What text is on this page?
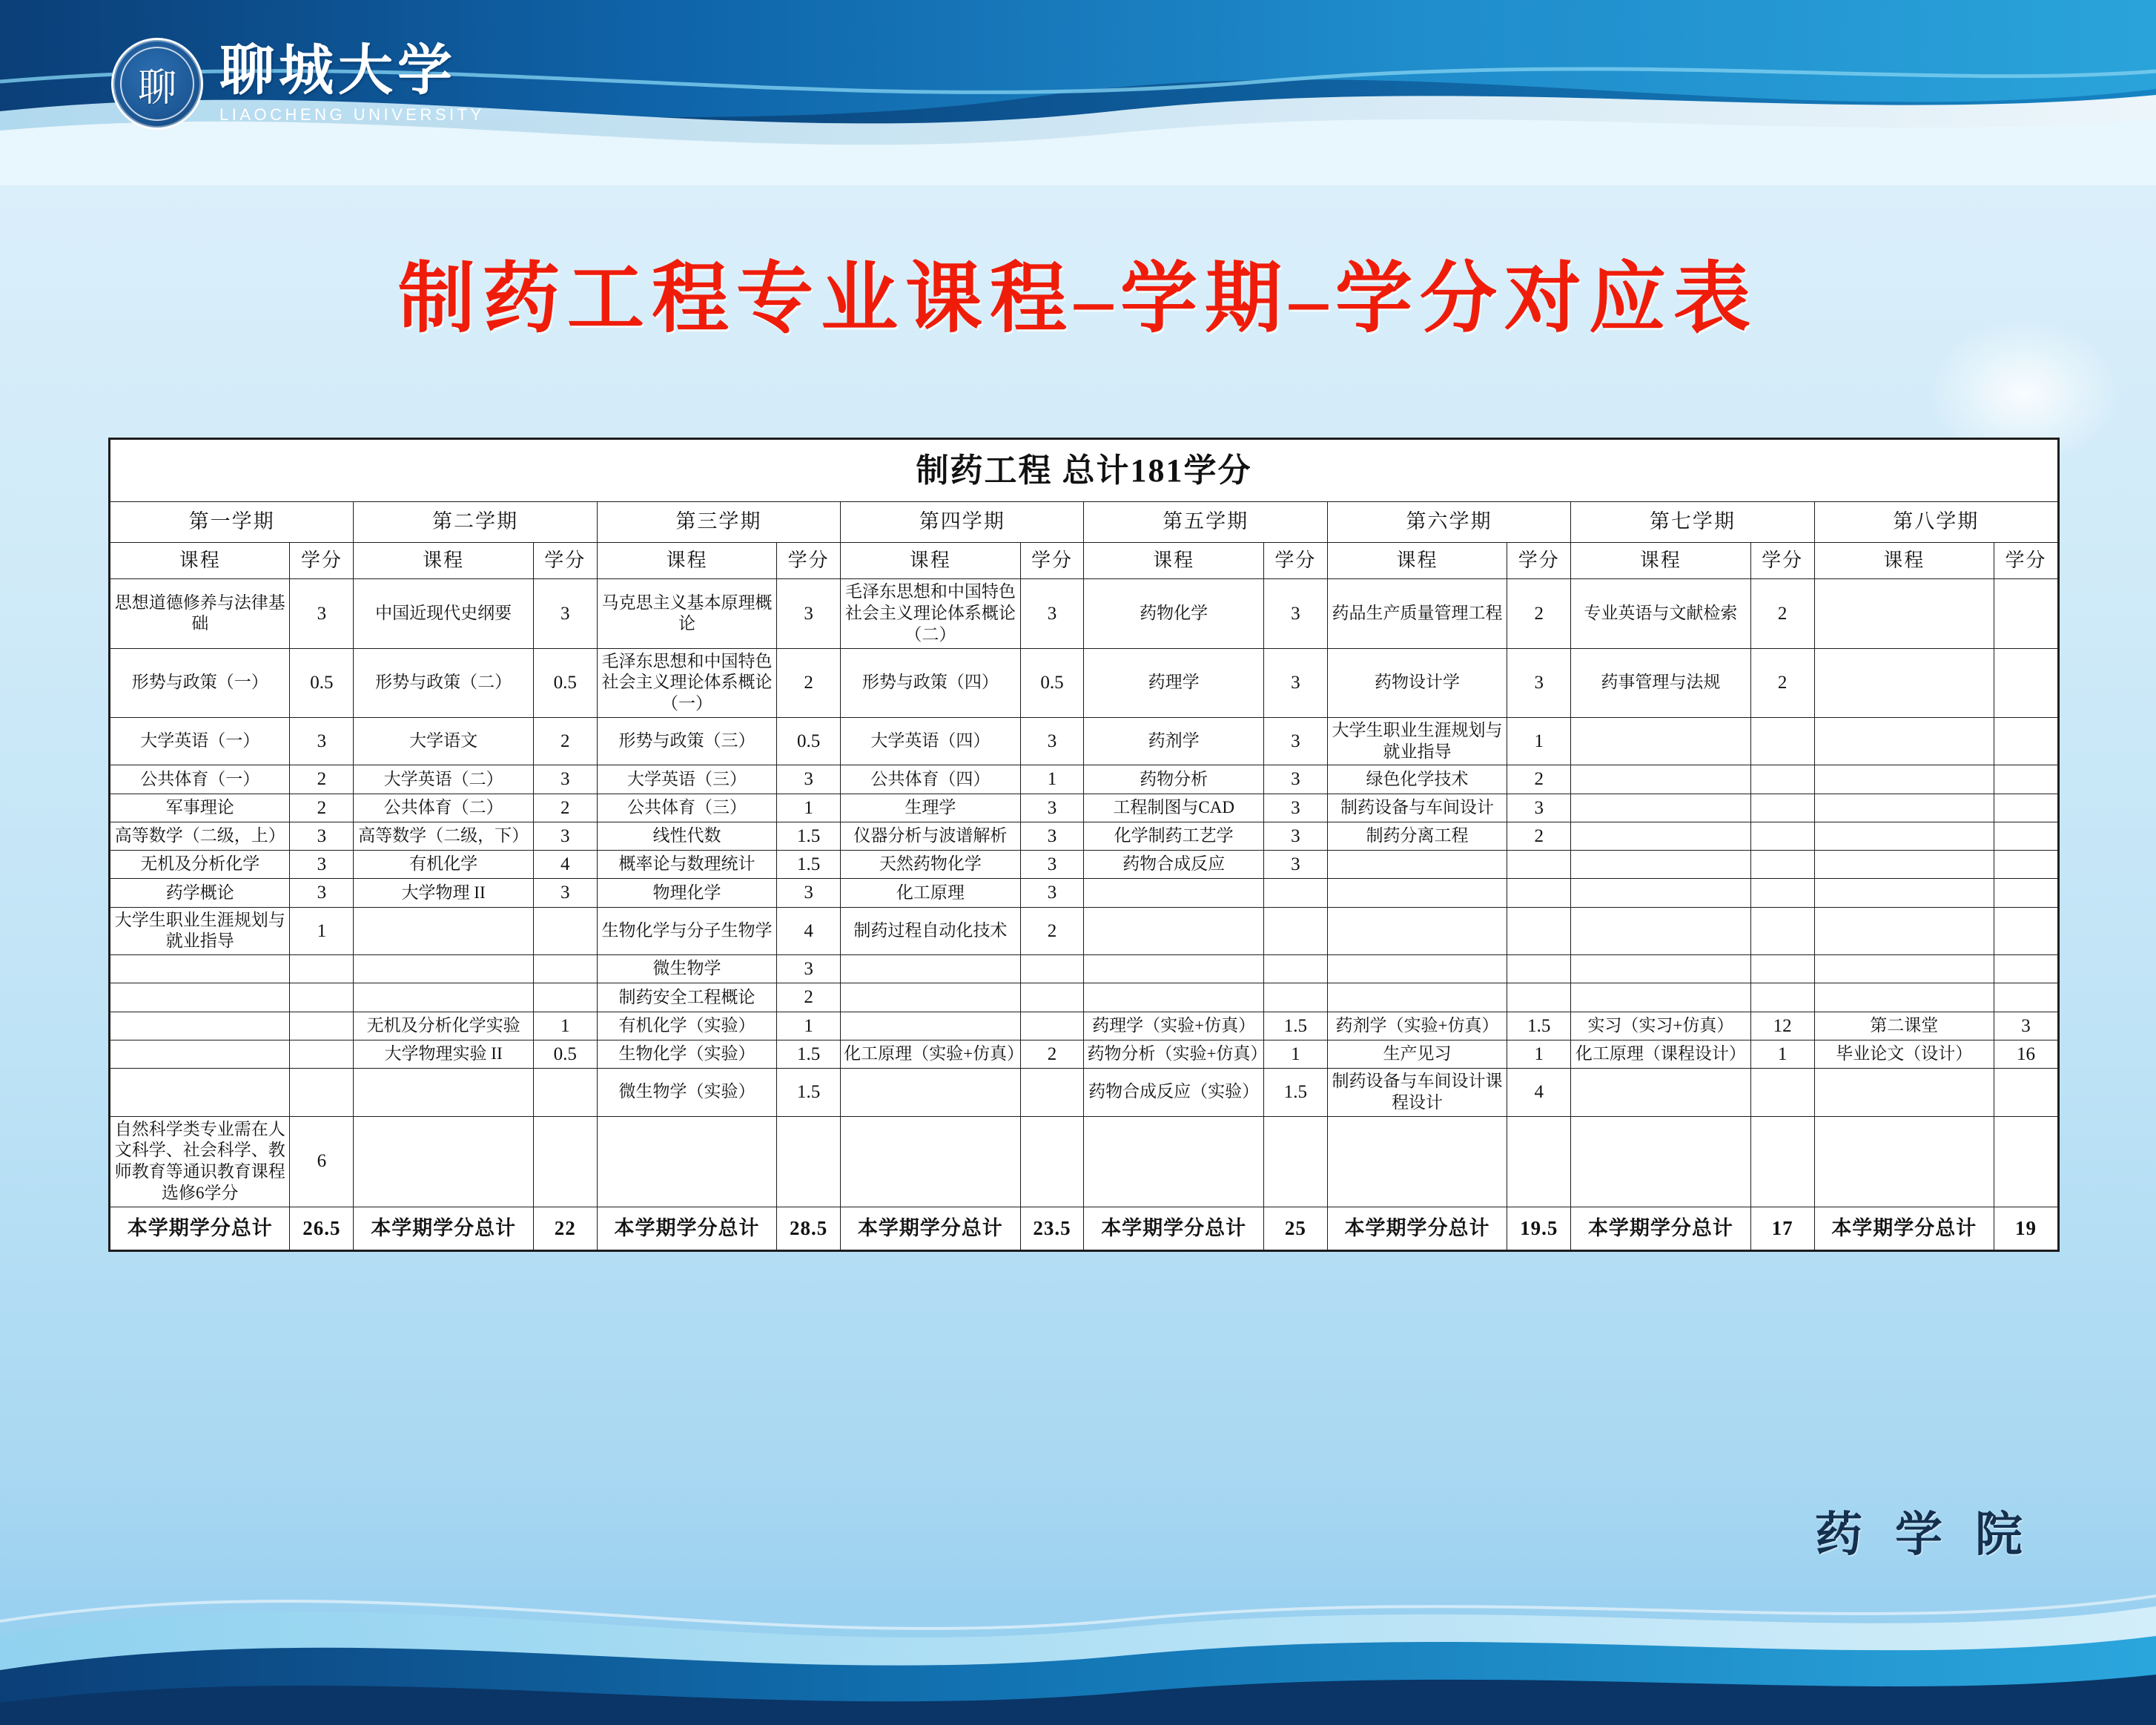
聊 聊城大学
LIAOCHENG UNIVERSITY
制药工程专业课程–学期–学分对应表
制药工程 总计181学分															
第一学期		第二学期		第三学期		第四学期		第五学期		第六学期		第七学期		第八学期	
课程	学分	课程	学分	课程	学分	课程	学分	课程	学分	课程	学分	课程	学分	课程	学分
思想道德修养与法律基础	3	中国近现代史纲要	3	马克思主义基本原理概论	3	毛泽东思想和中国特色社会主义理论体系概论（二）	3	药物化学	3	药品生产质量管理工程	2	专业英语与文献检索	2		
形势与政策（一）	0.5	形势与政策（二）	0.5	毛泽东思想和中国特色社会主义理论体系概论（一）	2	形势与政策（四）	0.5	药理学	3	药物设计学	3	药事管理与法规	2		
大学英语（一）	3	大学语文	2	形势与政策（三）	0.5	大学英语（四）	3	药剂学	3	大学生职业生涯规划与就业指导	1				
公共体育（一）	2	大学英语（二）	3	大学英语（三）	3	公共体育（四）	1	药物分析	3	绿色化学技术	2				
军事理论	2	公共体育（二）	2	公共体育（三）	1	生理学	3	工程制图与CAD	3	制药设备与车间设计	3				
高等数学（二级，上）	3	高等数学（二级，下）	3	线性代数	1.5	仪器分析与波谱解析	3	化学制药工艺学	3	制药分离工程	2				
无机及分析化学	3	有机化学	4	概率论与数理统计	1.5	天然药物化学	3	药物合成反应	3						
药学概论	3	大学物理 II	3	物理化学	3	化工原理	3								
大学生职业生涯规划与就业指导	1			生物化学与分子生物学	4	制药过程自动化技术	2								
				微生物学	3										
				制药安全工程概论	2										
		无机及分析化学实验	1	有机化学（实验）	1			药理学（实验+仿真）	1.5	药剂学（实验+仿真）	1.5	实习（实习+仿真）	12	第二课堂	3
		大学物理实验 II	0.5	生物化学（实验）	1.5	化工原理（实验+仿真）	2	药物分析（实验+仿真）	1	生产见习	1	化工原理（课程设计）	1	毕业论文（设计）	16
				微生物学（实验）	1.5			药物合成反应（实验）	1.5	制药设备与车间设计课程设计	4				
自然科学类专业需在人文科学、社会科学、教师教育等通识教育课程选修6学分	6														
本学期学分总计	26.5	本学期学分总计	22	本学期学分总计	28.5	本学期学分总计	23.5	本学期学分总计	25	本学期学分总计	19.5	本学期学分总计	17	本学期学分总计	19
药 学 院
